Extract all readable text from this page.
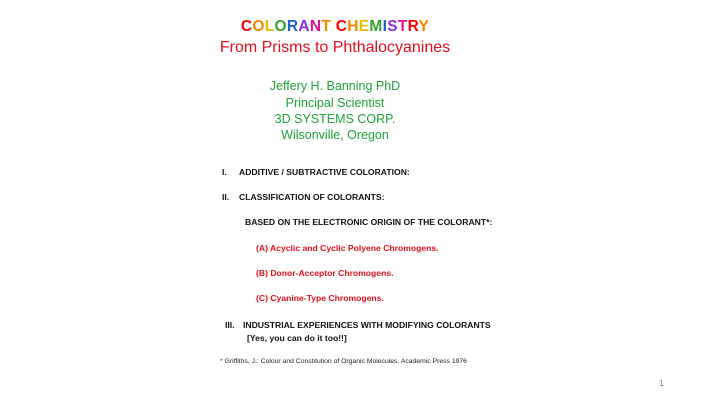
COLORANT CHEMISTRY
From Prisms to Phthalocyanines
Jeffery H. Banning PhD
Principal Scientist
3D SYSTEMS CORP.
Wilsonville, Oregon
I. ADDITIVE / SUBTRACTIVE COLORATION:
II. CLASSIFICATION OF COLORANTS:
BASED ON THE ELECTRONIC ORIGIN OF THE COLORANT*:
(A) Acyclic and Cyclic Polyene Chromogens.
(B) Donor-Acceptor Chromogens.
(C) Cyanine-Type Chromogens.
III. INDUSTRIAL EXPERIENCES WITH MODIFYING COLORANTS
[Yes, you can do it too!!]
* Griffiths, J.: Colour and Constitution of Organic Molecules. Academic Press 1976
1
